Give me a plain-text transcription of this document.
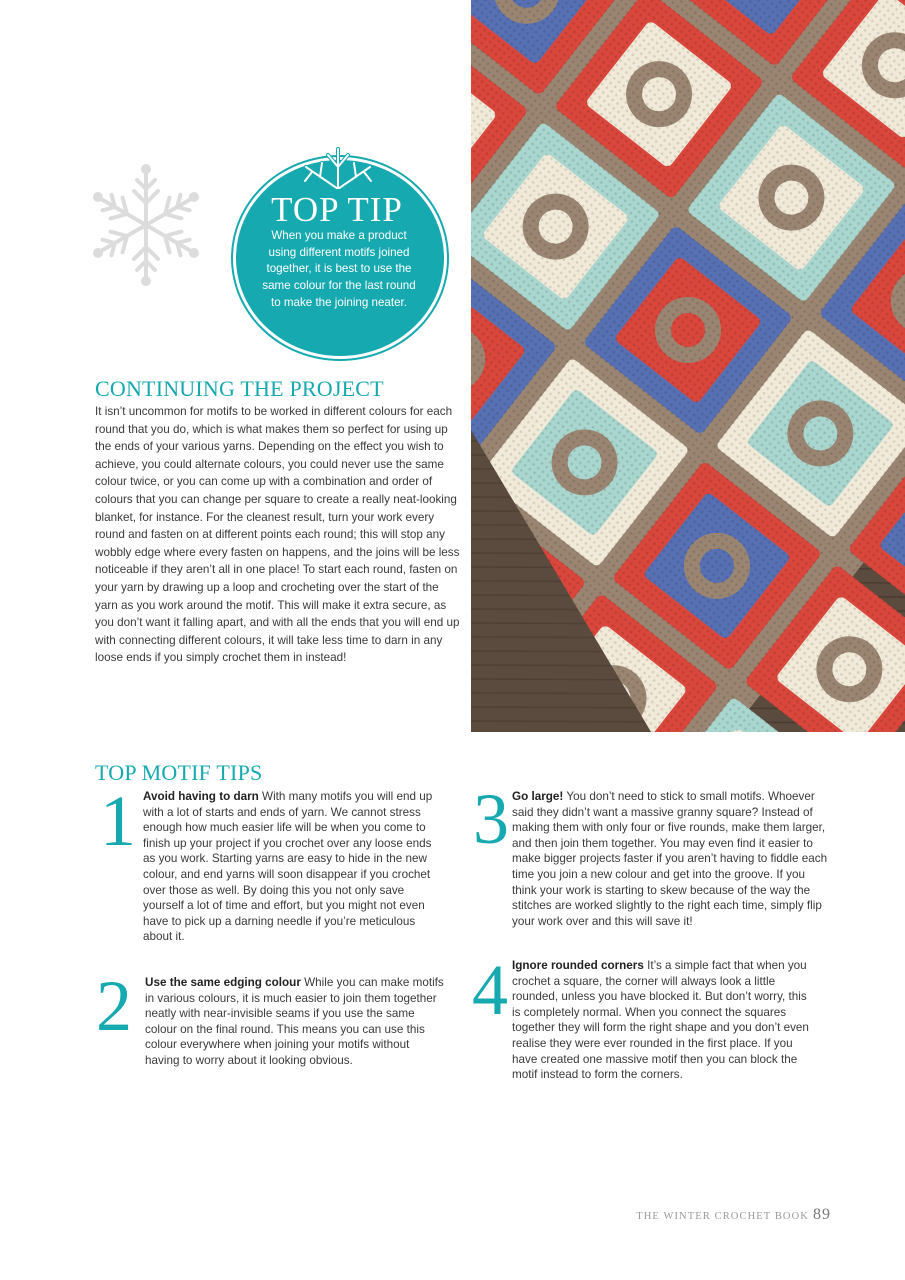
TOP TIP
When you make a product using different motifs joined together, it is best to use the same colour for the last round to make the joining neater.
CONTINUING THE PROJECT

It isn’t uncommon for motifs to be worked in different colours for each round that you do, which is what makes them so perfect for using up the ends of your various yarns. Depending on the effect you wish to achieve, you could alternate colours, you could never use the same colour twice, or you can come up with a combination and order of colours that you can change per square to create a really neat-looking blanket, for instance. For the cleanest result, turn your work every round and fasten on at different points each round; this will stop any wobbly edge where every fasten on happens, and the joins will be less noticeable if they aren’t all in one place! To start each round, fasten on your yarn by drawing up a loop and crocheting over the start of the yarn as you work around the motif. This will make it extra secure, as you don’t want it falling apart, and with all the ends that you will end up with connecting different colours, it will take less time to darn in any loose ends if you simply crochet them in instead!

TOP MOTIF TIPS
1 Avoid having to darn With many motifs you will end up with a lot of starts and ends of yarn. We cannot stress enough how much easier life will be when you come to finish up your project if you crochet over any loose ends as you work. Starting yarns are easy to hide in the new colour, and end yarns will soon disappear if you crochet over those as well. By doing this you not only save yourself a lot of time and effort, but you might not even have to pick up a darning needle if you’re meticulous about it.

2 Use the same edging colour While you can make motifs in various colours, it is much easier to join them together neatly with near-invisible seams if you use the same colour on the final round. This means you can use this colour everywhere when joining your motifs without having to worry about it looking obvious.

3 Go large! You don’t need to stick to small motifs. Whoever said they didn’t want a massive granny square? Instead of making them with only four or five rounds, make them larger, and then join them together. You may even find it easier to make bigger projects faster if you aren’t having to fiddle each time you join a new colour and get into the groove. If you think your work is starting to skew because of the way the stitches are worked slightly to the right each time, simply flip your work over and this will save it!

4 Ignore rounded corners It’s a simple fact that when you crochet a square, the corner will always look a little rounded, unless you have blocked it. But don’t worry, this is completely normal. When you connect the squares together they will form the right shape and you don’t even realise they were ever rounded in the first place. If you have created one massive motif then you can block the motif instead to form the corners.

THE WINTER CROCHET BOOK 89
